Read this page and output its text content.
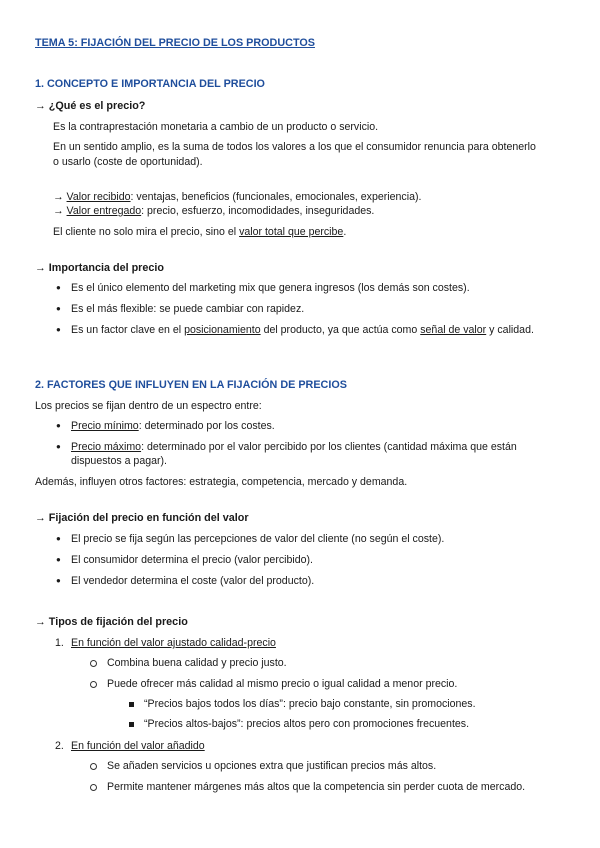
TEMA 5: FIJACIÓN DEL PRECIO DE LOS PRODUCTOS
1. CONCEPTO E IMPORTANCIA DEL PRECIO
→ ¿Qué es el precio?
Es la contraprestación monetaria a cambio de un producto o servicio.
En un sentido amplio, es la suma de todos los valores a los que el consumidor renuncia para obtenerlo
o usarlo (coste de oportunidad).
→ Valor recibido: ventajas, beneficios (funcionales, emocionales, experiencia).
→ Valor entregado: precio, esfuerzo, incomodidades, inseguridades.
El cliente no solo mira el precio, sino el valor total que percibe.
→ Importancia del precio
● Es el único elemento del marketing mix que genera ingresos (los demás son costes).
● Es el más flexible: se puede cambiar con rapidez.
● Es un factor clave en el posicionamiento del producto, ya que actúa como señal de valor y calidad.
2. FACTORES QUE INFLUYEN EN LA FIJACIÓN DE PRECIOS
Los precios se fijan dentro de un espectro entre:
● Precio mínimo: determinado por los costes.
● Precio máximo: determinado por el valor percibido por los clientes (cantidad máxima que están
dispuestos a pagar).
Además, influyen otros factores: estrategia, competencia, mercado y demanda.
→ Fijación del precio en función del valor
● El precio se fija según las percepciones de valor del cliente (no según el coste).
● El consumidor determina el precio (valor percibido).
● El vendedor determina el coste (valor del producto).
→ Tipos de fijación del precio
1. En función del valor ajustado calidad-precio
Combina buena calidad y precio justo.
Puede ofrecer más calidad al mismo precio o igual calidad a menor precio.
“Precios bajos todos los días”: precio bajo constante, sin promociones.
“Precios altos-bajos”: precios altos pero con promociones frecuentes.
2. En función del valor añadido
Se añaden servicios u opciones extra que justifican precios más altos.
Permite mantener márgenes más altos que la competencia sin perder cuota de mercado.
